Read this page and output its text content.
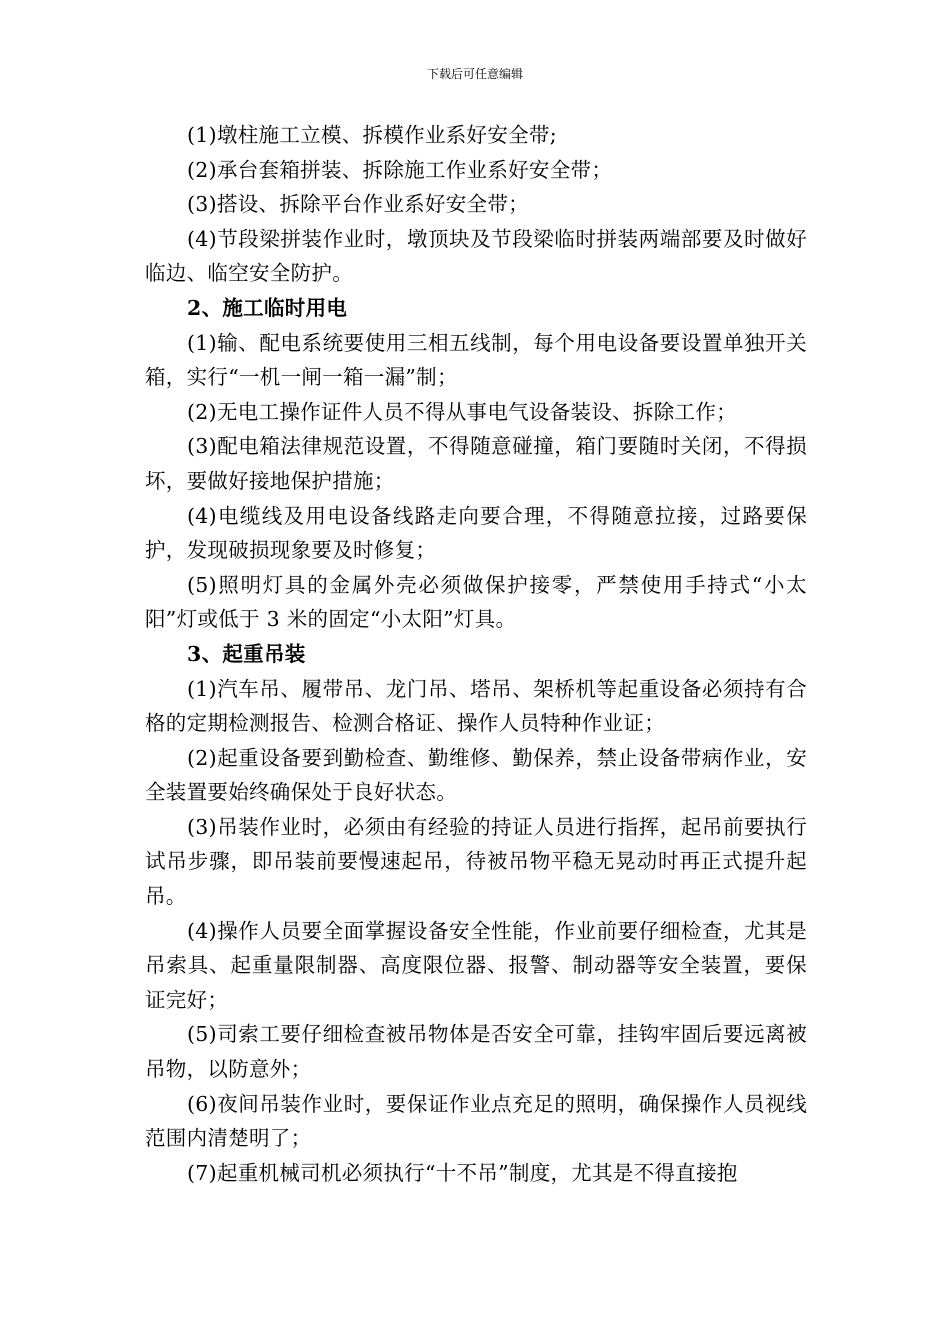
下载后可任意编辑

(1)墩柱施工立模、拆模作业系好安全带;

(2)承台套箱拼装、拆除施工作业系好安全带；

(3)搭设、拆除平台作业系好安全带；

(4)节段梁拼装作业时，墩顶块及节段梁临时拼装两端部要及时做好临边、临空安全防护。

2、施工临时用电

(1)输、配电系统要使用三相五线制，每个用电设备要设置单独开关箱，实行“一机一闸一箱一漏”制；

(2)无电工操作证件人员不得从事电气设备装设、拆除工作；

(3)配电箱法律规范设置，不得随意碰撞，箱门要随时关闭，不得损坏，要做好接地保护措施；

(4)电缆线及用电设备线路走向要合理，不得随意拉接，过路要保护，发现破损现象要及时修复；

(5)照明灯具的金属外壳必须做保护接零，严禁使用手持式“小太阳”灯或低于 3 米的固定“小太阳”灯具。

3、起重吊装

(1)汽车吊、履带吊、龙门吊、塔吊、架桥机等起重设备必须持有合格的定期检测报告、检测合格证、操作人员特种作业证；

(2)起重设备要到勤检查、勤维修、勤保养，禁止设备带病作业，安全装置要始终确保处于良好状态。

(3)吊装作业时，必须由有经验的持证人员进行指挥，起吊前要执行试吊步骤，即吊装前要慢速起吊，待被吊物平稳无晃动时再正式提升起吊。

(4)操作人员要全面掌握设备安全性能，作业前要仔细检查，尤其是吊索具、起重量限制器、高度限位器、报警、制动器等安全装置，要保证完好；

(5)司索工要仔细检查被吊物体是否安全可靠，挂钩牢固后要远离被吊物，以防意外；

(6)夜间吊装作业时，要保证作业点充足的照明，确保操作人员视线范围内清楚明了；

(7)起重机械司机必须执行“十不吊”制度，尤其是不得直接抱
